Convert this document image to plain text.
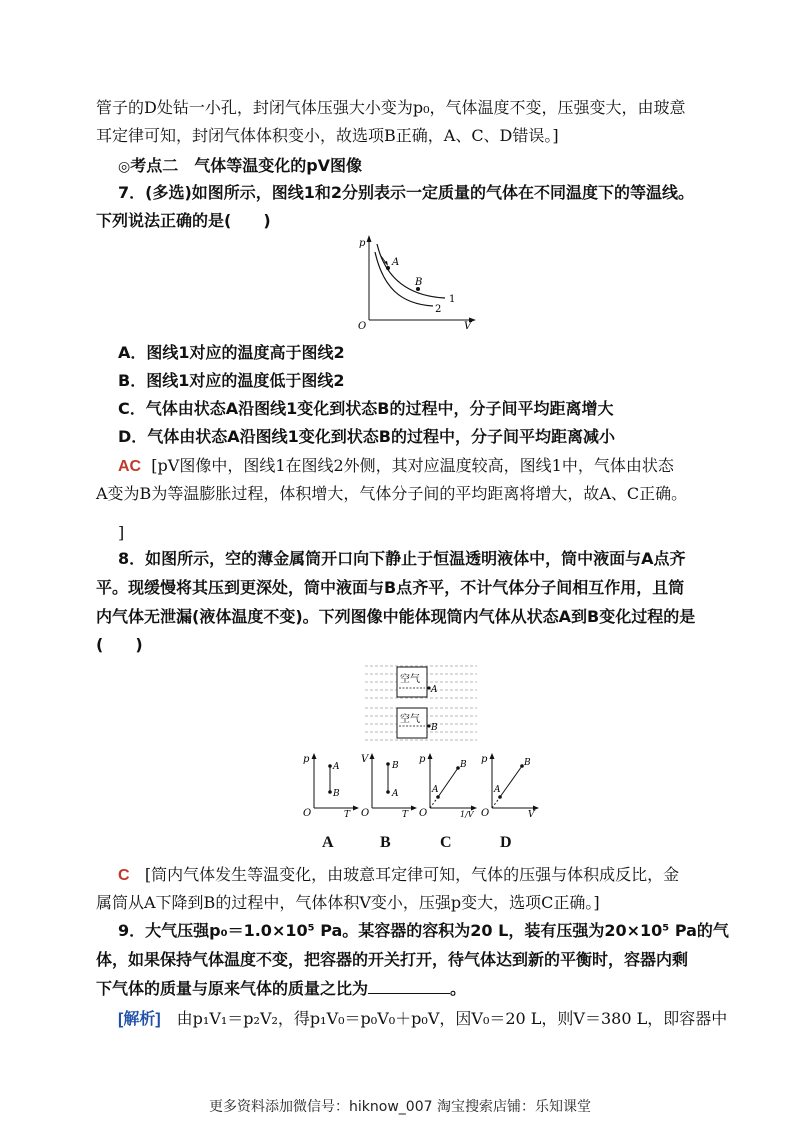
管子的D处钻一小孔，封闭气体压强大小变为p₀，气体温度不变，压强变大，由玻意
耳定律可知，封闭气体体积变小，故选项B正确，A、C、D错误。]
◎考点二　气体等温变化的pV图像
7．(多选)如图所示，图线1和2分别表示一定质量的气体在不同温度下的等温线。
下列说法正确的是(　　)
p
V
O
A
B
1
2
A．图线1对应的温度高于图线2
B．图线1对应的温度低于图线2
C．气体由状态A沿图线1变化到状态B的过程中，分子间平均距离增大
D．气体由状态A沿图线1变化到状态B的过程中，分子间平均距离减小
AC [pV图像中，图线1在图线2外侧，其对应温度较高，图线1中，气体由状态
A变为B为等温膨胀过程，体积增大，气体分子间的平均距离将增大，故A、C正确。
]
8．如图所示，空的薄金属筒开口向下静止于恒温透明液体中，筒中液面与A点齐
平。现缓慢将其压到更深处，筒中液面与B点齐平，不计气体分子间相互作用，且筒
内气体无泄漏(液体温度不变)。下列图像中能体现筒内气体从状态A到B变化过程的是
(　　)
空气
A
空气
B
p
O	T
A
B
V
O	T
B
A
p
O	1/V
A
B p
O	V
A
B
A	B	C	D
C [筒内气体发生等温变化，由玻意耳定律可知，气体的压强与体积成反比，金
属筒从A下降到B的过程中，气体体积V变小，压强p变大，选项C正确。]
9．大气压强p₀＝1.0×10⁵ Pa。某容器的容积为20 L，装有压强为20×10⁵ Pa的气
体，如果保持气体温度不变，把容器的开关打开，待气体达到新的平衡时，容器内剩
下气体的质量与原来气体的质量之比为	。
[解析]　由p₁V₁＝p₂V₂，得p₁V₀＝p₀V₀＋p₀V，因V₀＝20 L，则V＝380 L，即容器中
更多资料添加微信号：hiknow_007 淘宝搜索店铺：乐知课堂
